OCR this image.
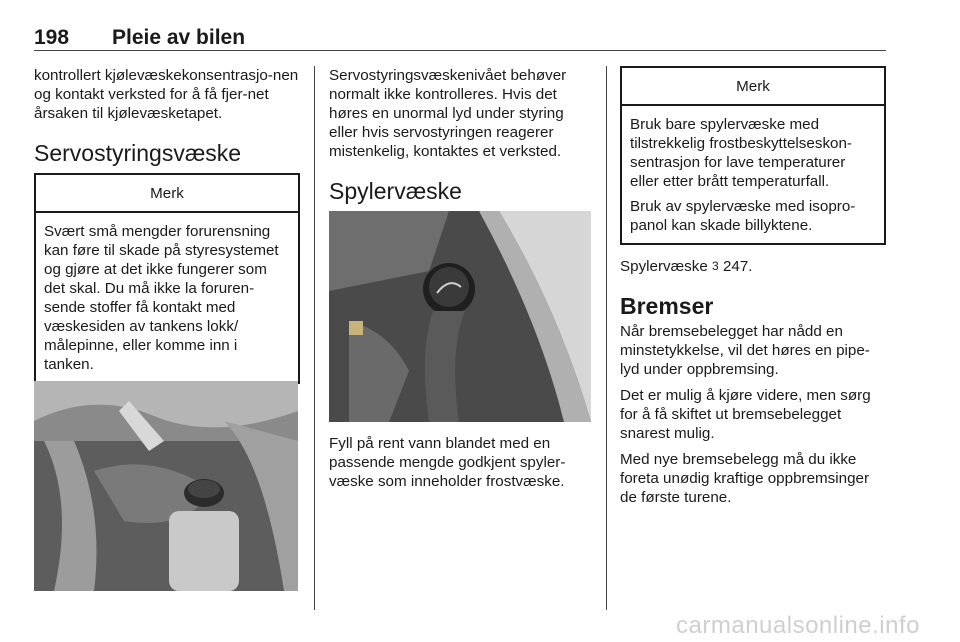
198 Pleie av bilen

kontrollert kjølevæskekonsentrasjo-nen og kontakt verksted for å få fjer-net årsaken til kjølevæsketapet.

Servostyringsvæske
Merk

Svært små mengder forurensning kan føre til skade på styresystemet og gjøre at det ikke fungerer som det skal. Du må ikke la foruren-sende stoffer få kontakt med væskesiden av tankens lokk/ målepinne, eller komme inn i tanken.

Servostyringsvæskenivået behøver normalt ikke kontrolleres. Hvis det høres en unormal lyd under styring eller hvis servostyringen reagerer mistenkelig, kontaktes et verksted.

Spylervæske

Fyll på rent vann blandet med en passende mengde godkjent spyler-væske som inneholder frostvæske.

Merk

Bruk bare spylervæske med tilstrekkelig frostbeskyttelseskon-sentrasjon for lave temperaturer eller etter brått temperaturfall.

Bruk av spylervæske med isopro-panol kan skade billyktene.

Spylervæske 3 247.

Bremser

Når bremsebelegget har nådd en minstetykkelse, vil det høres en pipe-lyd under oppbremsing.

Det er mulig å kjøre videre, men sørg for å få skiftet ut bremsebelegget snarest mulig.

Med nye bremsebelegg må du ikke foreta unødig kraftige oppbremsinger de første turene.

carmanualsonline.info
